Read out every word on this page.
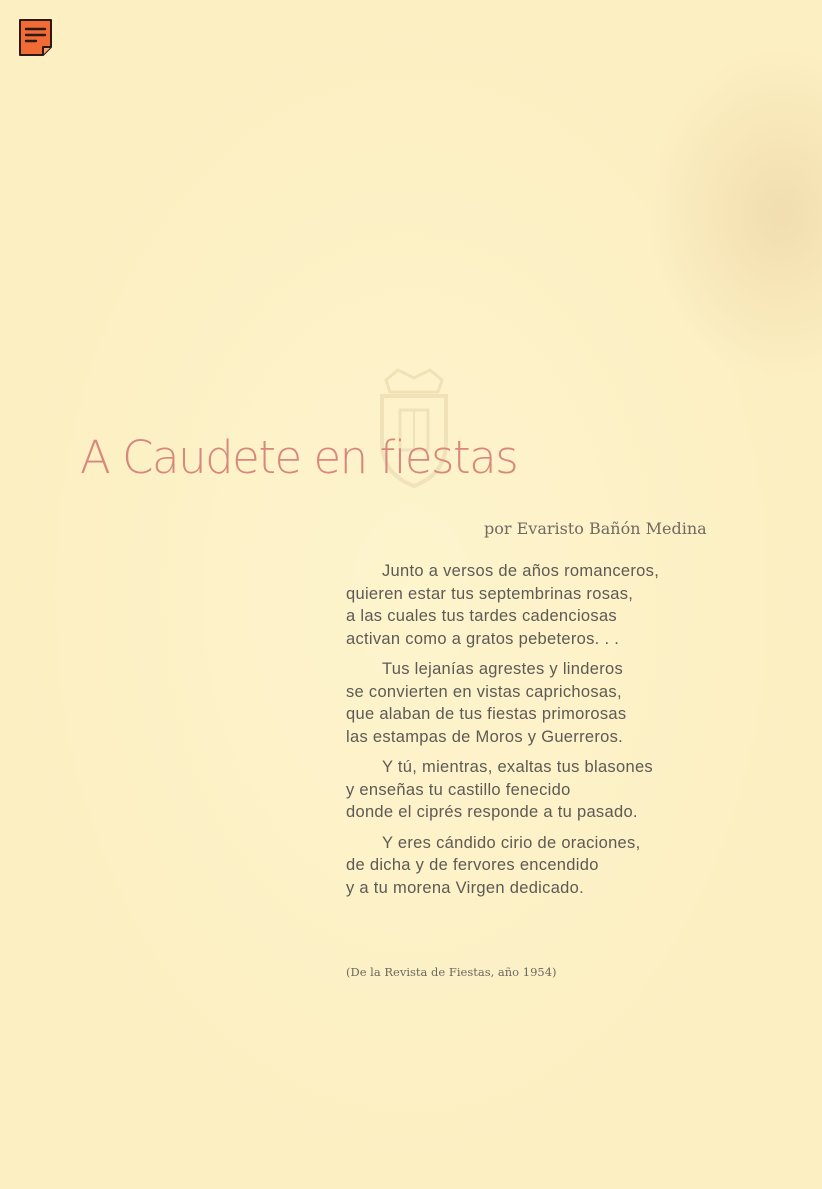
A Caudete en fiestas
por Evaristo Bañón Medina
Junto a versos de años romanceros,
quieren estar tus septembrinas rosas,
a las cuales tus tardes cadenciosas
activan como a gratos pebeteros. . .
Tus lejanías agrestes y linderos
se convierten en vistas caprichosas,
que alaban de tus fiestas primorosas
las estampas de Moros y Guerreros.
Y tú, mientras, exaltas tus blasones
y enseñas tu castillo fenecido
donde el ciprés responde a tu pasado.
Y eres cándido cirio de oraciones,
de dicha y de fervores encendido
y a tu morena Virgen dedicado.
(De la Revista de Fiestas, año 1954)
